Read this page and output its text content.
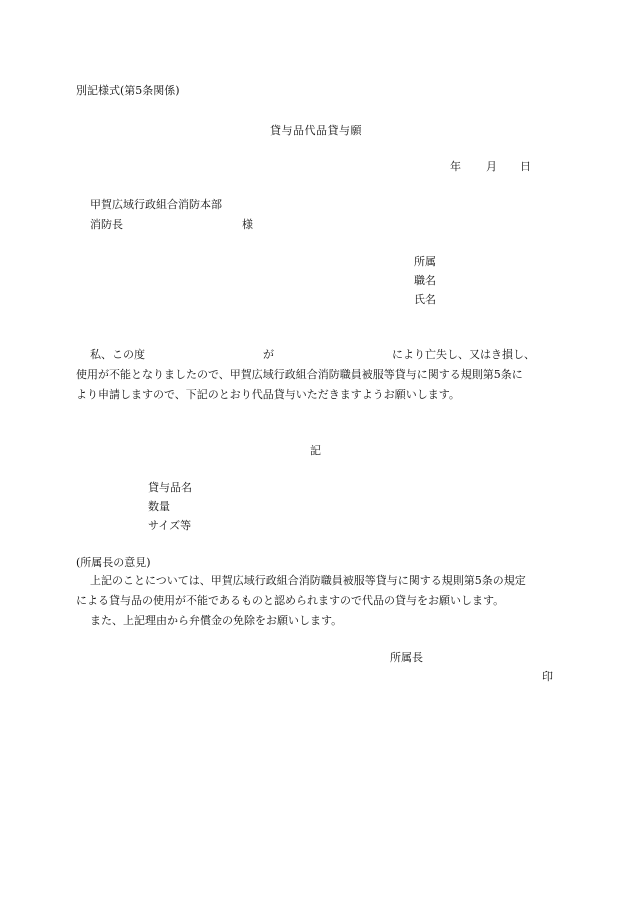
別記様式(第5条関係)
貸与品代品貸与願
年 月 日
甲賀広域行政組合消防本部
消防長	様
所属
職名
氏名
私、この度	が	により亡失し、又はき損し、
使用が不能となりましたので、甲賀広域行政組合消防職員被服等貸与に関する規則第5条に
より申請しますので、下記のとおり代品貸与いただきますようお願いします。
記
貸与品名
数量
サイズ等
(所属長の意見)
上記のことについては、甲賀広域行政組合消防職員被服等貸与に関する規則第5条の規定
による貸与品の使用が不能であるものと認められますので代品の貸与をお願いします。
また、上記理由から弁償金の免除をお願いします。
所属長
印
